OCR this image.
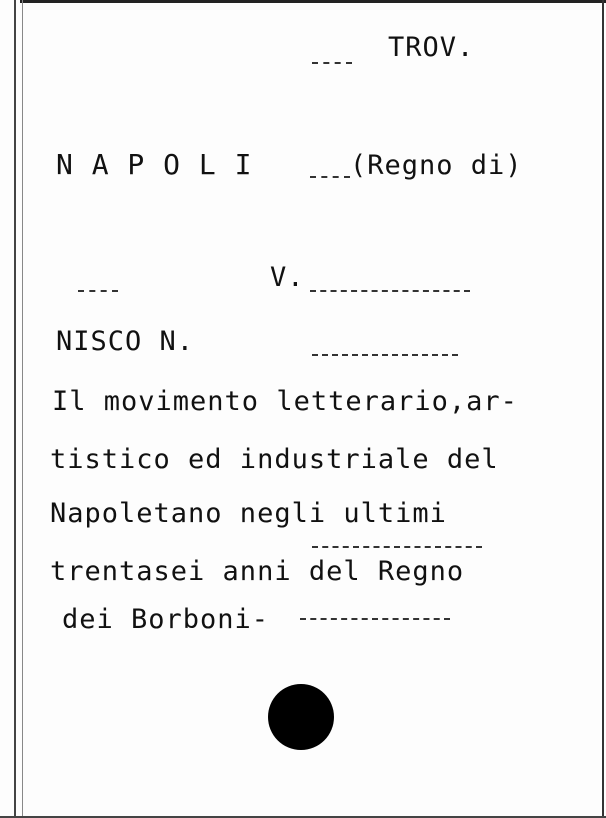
TROV.
N A P O L I	(Regno di)
V.
NISCO N.
Il movimento letterario,ar-
tistico ed industriale del
Napoletano negli ultimi
trentasei anni del Regno
dei Borboni-
